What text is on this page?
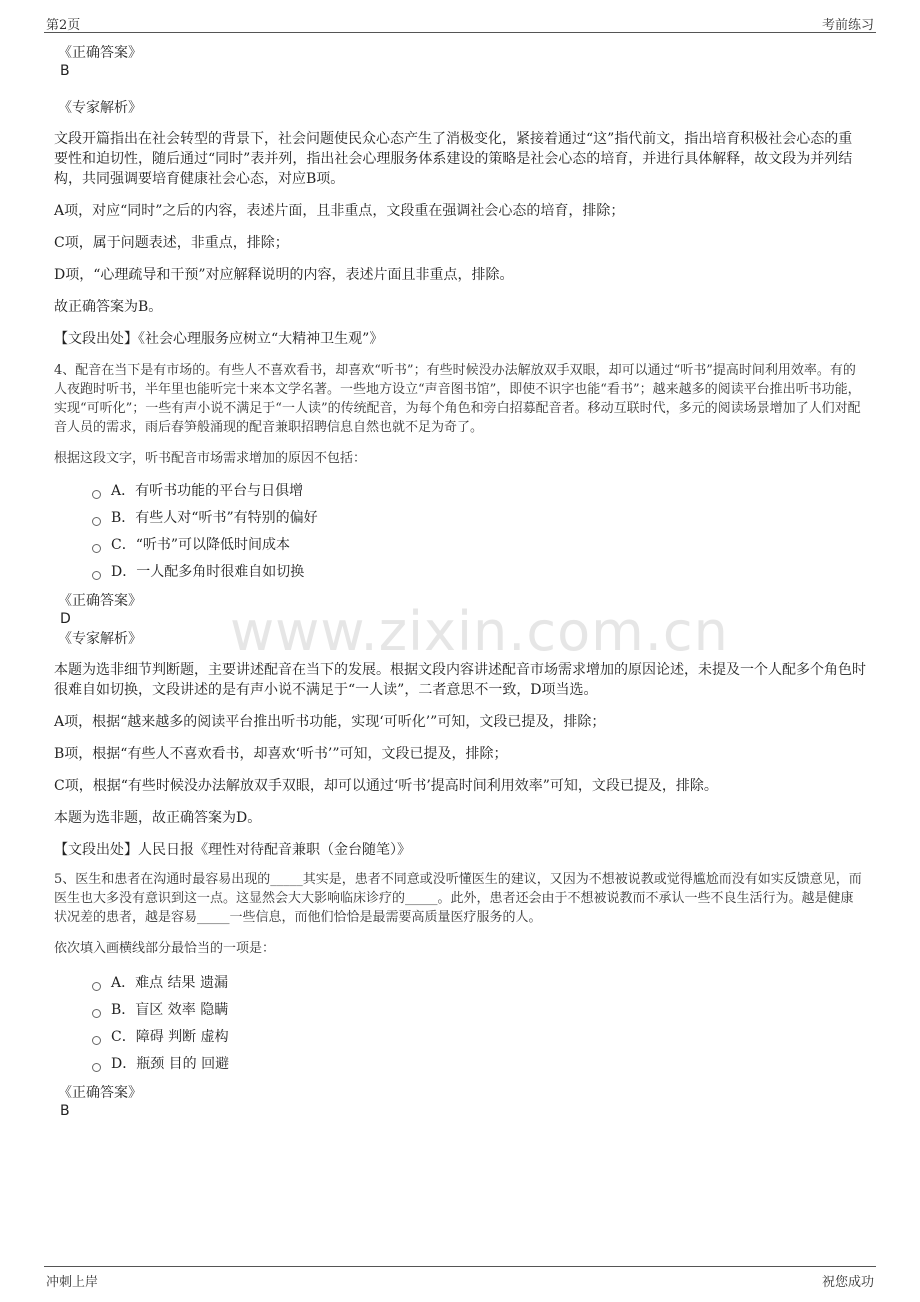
第2页	考前练习
www.zixin.com.cn
《正确答案》
B
《专家解析》

文段开篇指出在社会转型的背景下，社会问题使民众心态产生了消极变化，紧接着通过“这”指代前文，指出培育积极社会心态的重要性和迫切性，随后通过“同时”表并列，指出社会心理服务体系建设的策略是社会心态的培育，并进行具体解释，故文段为并列结构，共同强调要培育健康社会心态，对应B项。

A项，对应“同时”之后的内容，表述片面，且非重点，文段重在强调社会心态的培育，排除；

C项，属于问题表述，非重点，排除；

D项，“心理疏导和干预”对应解释说明的内容，表述片面且非重点，排除。

故正确答案为B。

【文段出处】《社会心理服务应树立“大精神卫生观”》

4、配音在当下是有市场的。有些人不喜欢看书，却喜欢“听书”；有些时候没办法解放双手双眼，却可以通过“听书”提高时间利用效率。有的人夜跑时听书，半年里也能听完十来本文学名著。一些地方设立“声音图书馆”，即使不识字也能“看书”；越来越多的阅读平台推出听书功能，实现“可听化”；一些有声小说不满足于“一人读”的传统配音，为每个角色和旁白招募配音者。移动互联时代，多元的阅读场景增加了人们对配音人员的需求，雨后春笋般涌现的配音兼职招聘信息自然也就不足为奇了。

根据这段文字，听书配音市场需求增加的原因不包括：

A．有听书功能的平台与日俱增
B．有些人对“听书”有特别的偏好
C．“听书”可以降低时间成本
D．一人配多角时很难自如切换
《正确答案》
D
《专家解析》

本题为选非细节判断题，主要讲述配音在当下的发展。根据文段内容讲述配音市场需求增加的原因论述，未提及一个人配多个角色时很难自如切换，文段讲述的是有声小说不满足于“一人读”，二者意思不一致，D项当选。

A项，根据“越来越多的阅读平台推出听书功能，实现‘可听化’”可知，文段已提及，排除；

B项，根据“有些人不喜欢看书，却喜欢‘听书’”可知，文段已提及，排除；

C项，根据“有些时候没办法解放双手双眼，却可以通过‘听书’提高时间利用效率”可知，文段已提及，排除。

本题为选非题，故正确答案为D。

【文段出处】人民日报《理性对待配音兼职（金台随笔）》

5、医生和患者在沟通时最容易出现的_____其实是，患者不同意或没听懂医生的建议，又因为不想被说教或觉得尴尬而没有如实反馈意见，而医生也大多没有意识到这一点。这显然会大大影响临床诊疗的_____。此外，患者还会由于不想被说教而不承认一些不良生活行为。越是健康状况差的患者，越是容易_____一些信息，而他们恰恰是最需要高质量医疗服务的人。

依次填入画横线部分最恰当的一项是：

A．难点 结果 遗漏
B．盲区 效率 隐瞒
C．障碍 判断 虚构
D．瓶颈 目的 回避
《正确答案》
B
冲刺上岸	祝您成功
